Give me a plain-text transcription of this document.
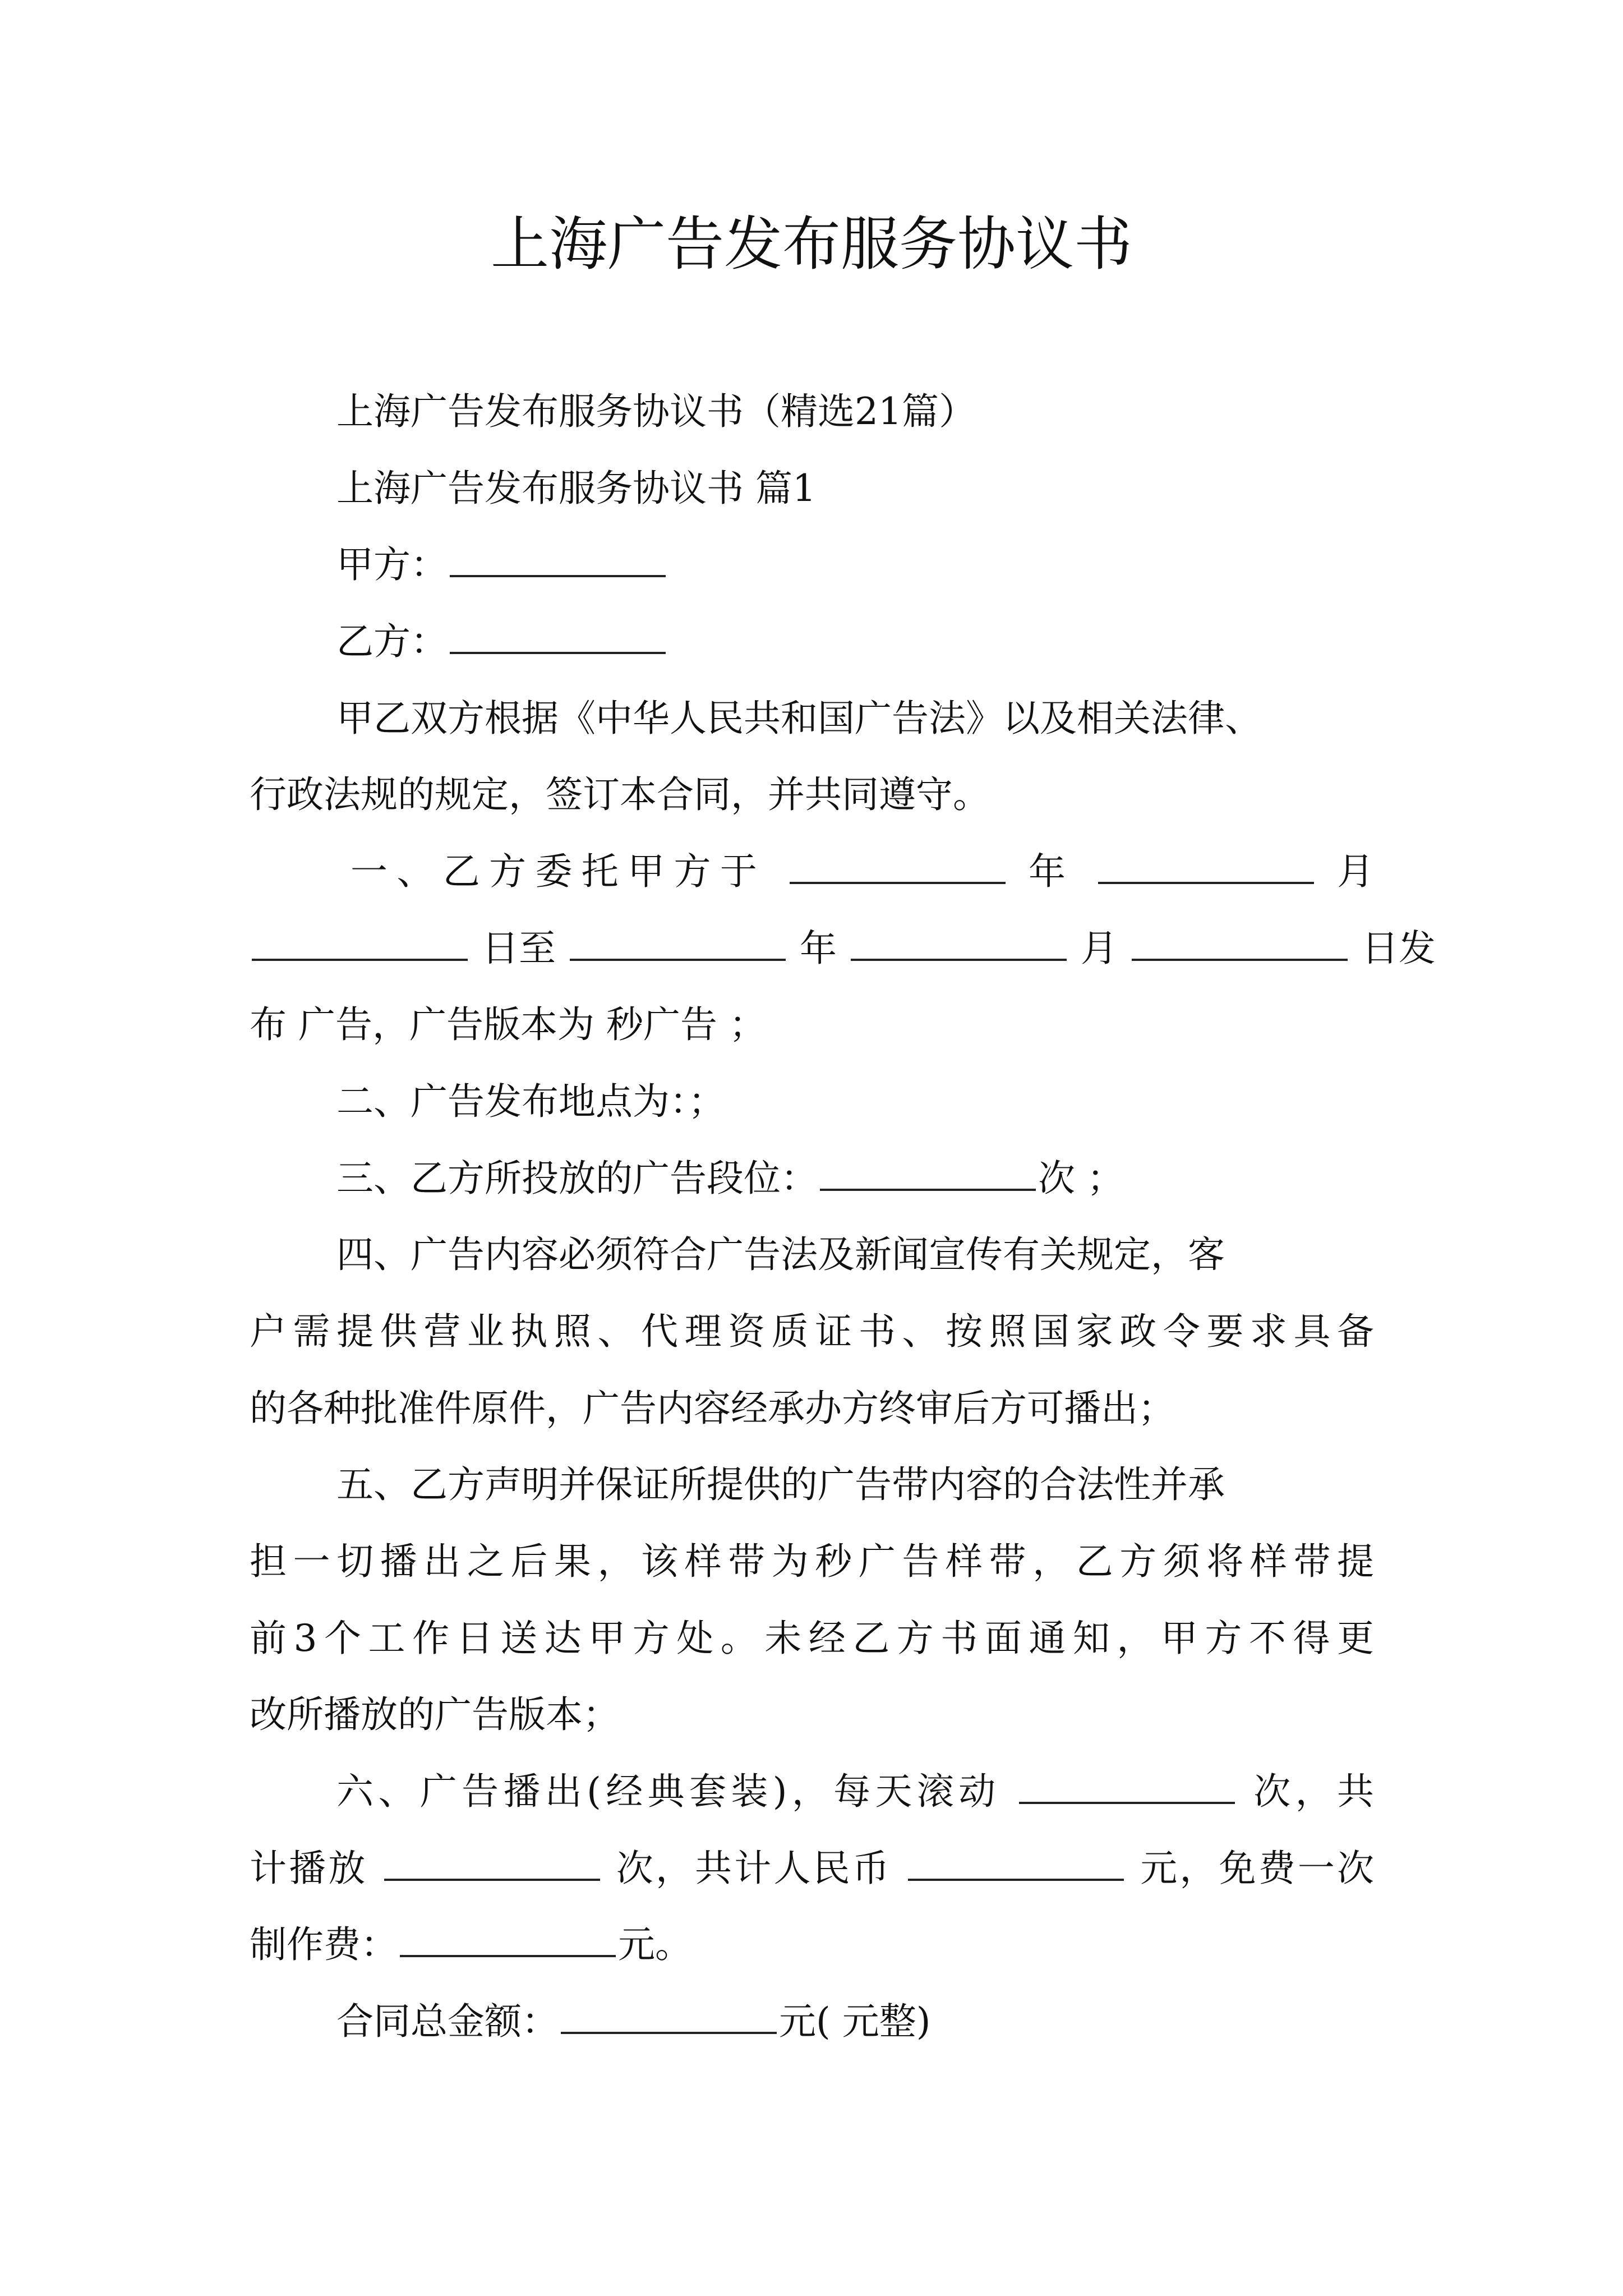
上海广告发布服务协议书

上海广告发布服务协议书（精选21篇）

上海广告发布服务协议书 篇1

甲方：

乙方：

甲乙双方根据《中华人民共和国广告法》以及相关法律、

行政法规的规定，签订本合同，并共同遵守。

一、乙方委托甲方于	年	月

日至	年	月	日发

布 广告，广告版本为 秒广告 ；

二、广告发布地点为：；

三、乙方所投放的广告段位：	次 ；

四、广告内容必须符合广告法及新闻宣传有关规定，客

户需提供营业执照、代理资质证书、按照国家政令要求具备

的各种批准件原件，广告内容经承办方终审后方可播出；

五、乙方声明并保证所提供的广告带内容的合法性并承

担一切播出之后果，该样带为秒广告样带，乙方须将样带提

前3个工作日送达甲方处。未经乙方书面通知，甲方不得更

改所播放的广告版本；

六、广告播出(经典套装)，每天滚动	次，共

计播放	次，共计人民币	元，免费一次

制作费：	元。

合同总金额：	元( 元整)
